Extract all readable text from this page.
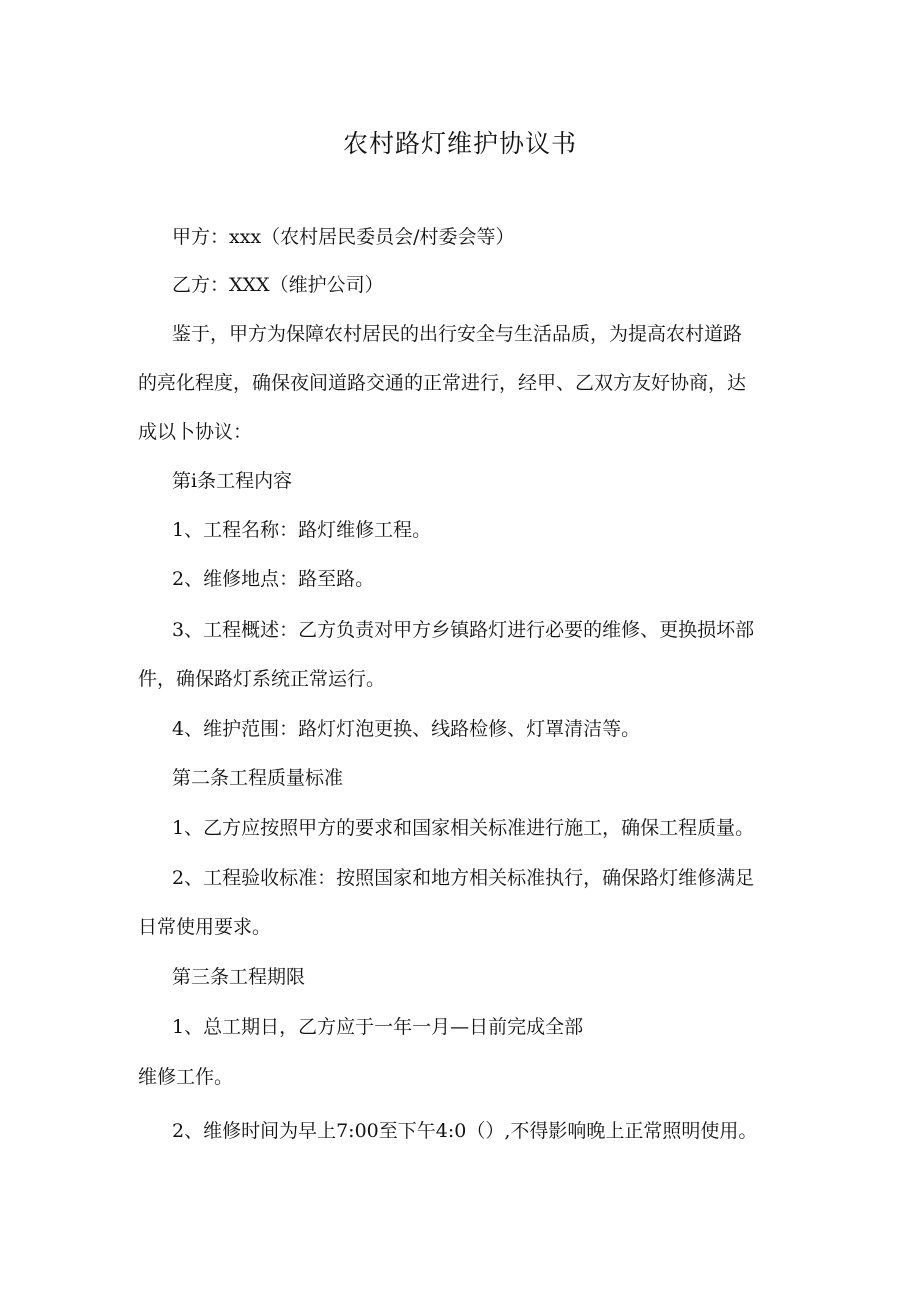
农村路灯维护协议书
甲方：xxx（农村居民委员会/村委会等）
乙方：XXX（维护公司）
鉴于，甲方为保障农村居民的出行安全与生活品质，为提高农村道路
的亮化程度，确保夜间道路交通的正常进行，经甲、乙双方友好协商，达
成以卜协议：
第i条工程内容
1、工程名称：路灯维修工程。
2、维修地点：路至路。
3、工程概述：乙方负责对甲方乡镇路灯进行必要的维修、更换损坏部
件，确保路灯系统正常运行。
4、维护范围：路灯灯泡更换、线路检修、灯罩清洁等。
第二条工程质量标准
1、乙方应按照甲方的要求和国家相关标准进行施工，确保工程质量。
2、工程验收标准：按照国家和地方相关标准执行，确保路灯维修满足
日常使用要求。
第三条工程期限
1、总工期日，乙方应于一年一月—日前完成全部
维修工作。
2、维修时间为早上7:00至下午4:0（）,不得影响晚上正常照明使用。
